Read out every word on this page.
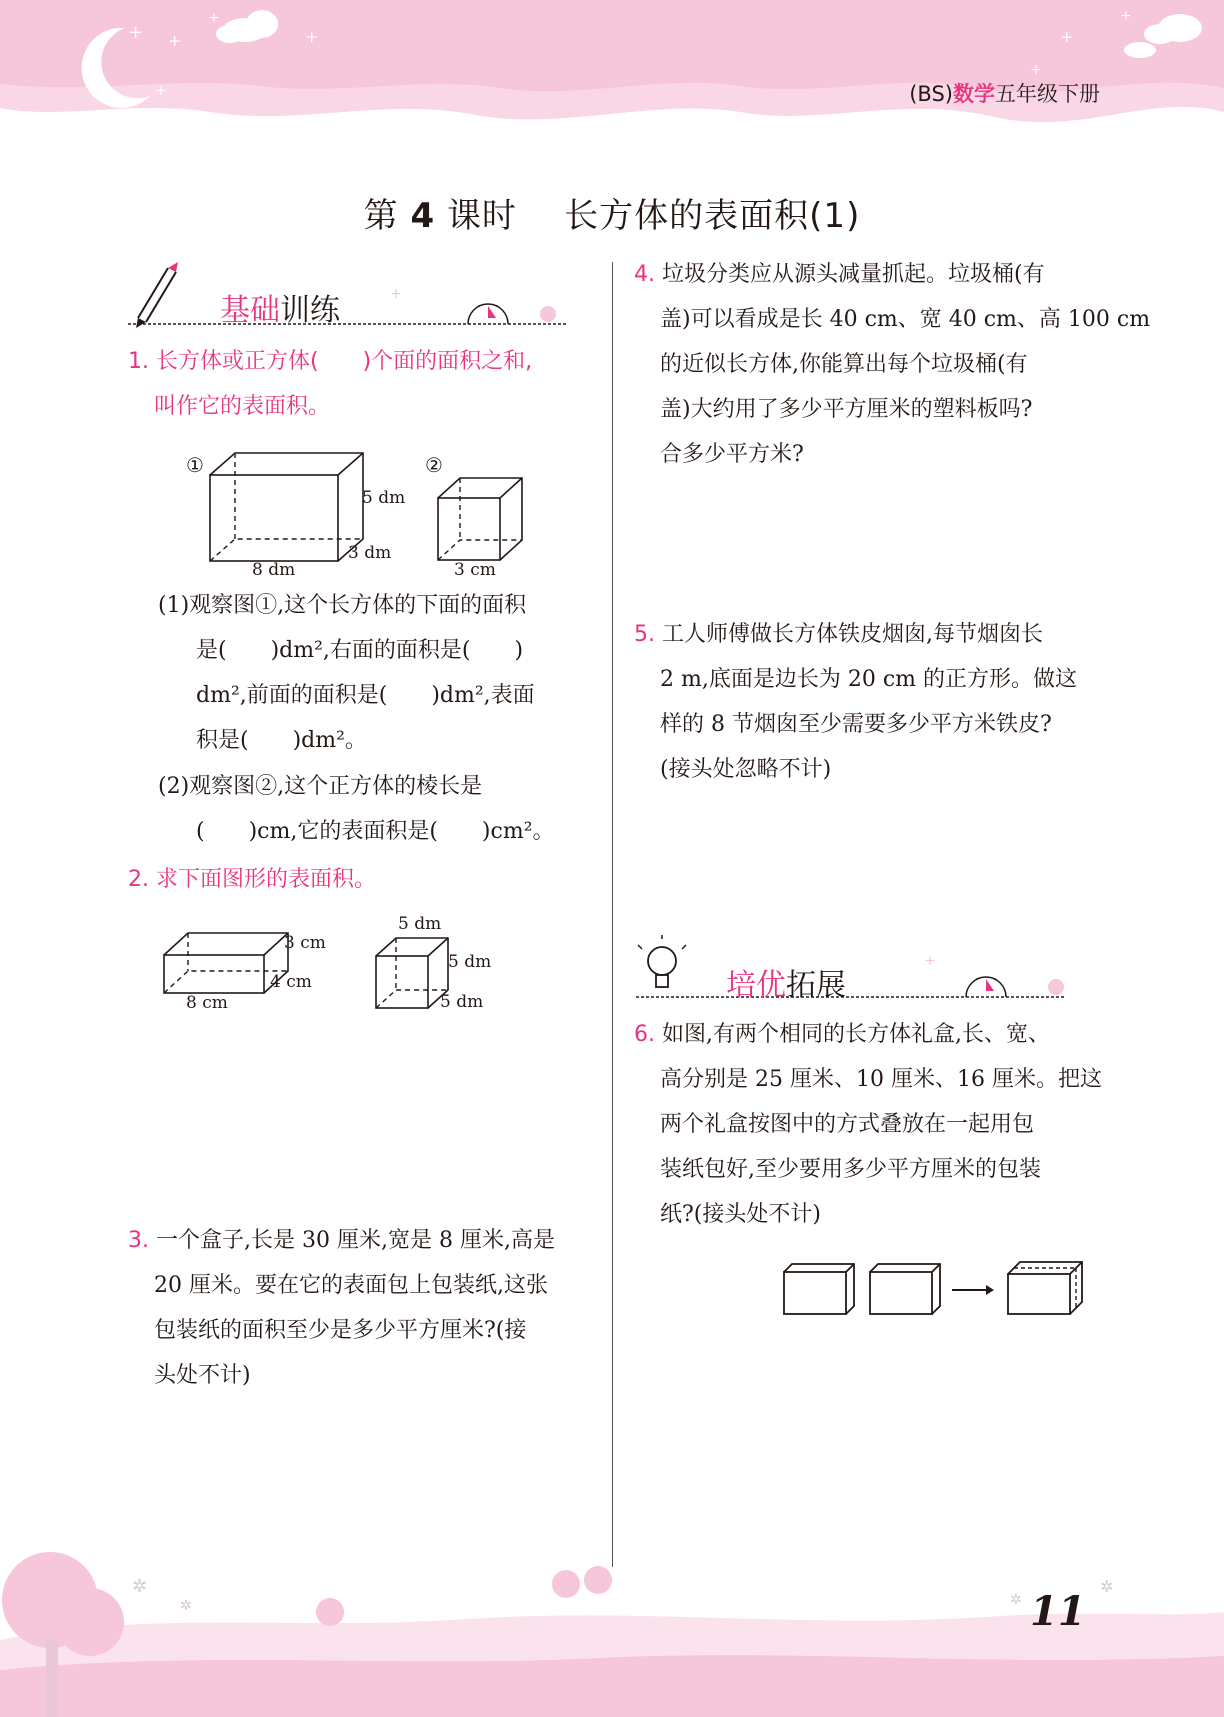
+ +
+
+
+
+
+
+
(BS)数学五年级下册
第 4 课时 长方体的表面积(1)
+
基础训练
1. 长方体或正方体(　　)个面的面积之和,
叫作它的表面积。
①
5 dm
3 dm
8 dm
②
3 cm
(1)观察图①,这个长方体的下面的面积
是(　　)dm²,右面的面积是(　　)
dm²,前面的面积是(　　)dm²,表面
积是(　　)dm²。
(2)观察图②,这个正方体的棱长是
(　　)cm,它的表面积是(　　)cm²。
2. 求下面图形的表面积。
3 cm
4 cm
8 cm
5 dm
5 dm
5 dm
3. 一个盒子,长是 30 厘米,宽是 8 厘米,高是
20 厘米。要在它的表面包上包装纸,这张
包装纸的面积至少是多少平方厘米?(接
头处不计)
4. 垃圾分类应从源头减量抓起。垃圾桶(有
盖)可以看成是长 40 cm、宽 40 cm、高 100 cm
的近似长方体,你能算出每个垃圾桶(有
盖)大约用了多少平方厘米的塑料板吗?
合多少平方米?
5. 工人师傅做长方体铁皮烟囱,每节烟囱长
2 m,底面是边长为 20 cm 的正方形。做这
样的 8 节烟囱至少需要多少平方米铁皮?
(接头处忽略不计)
+
培优拓展
6. 如图,有两个相同的长方体礼盒,长、宽、
高分别是 25 厘米、10 厘米、16 厘米。把这
两个礼盒按图中的方式叠放在一起用包
装纸包好,至少要用多少平方厘米的包装
纸?(接头处不计)
✲
✲
✲
✲ 11
